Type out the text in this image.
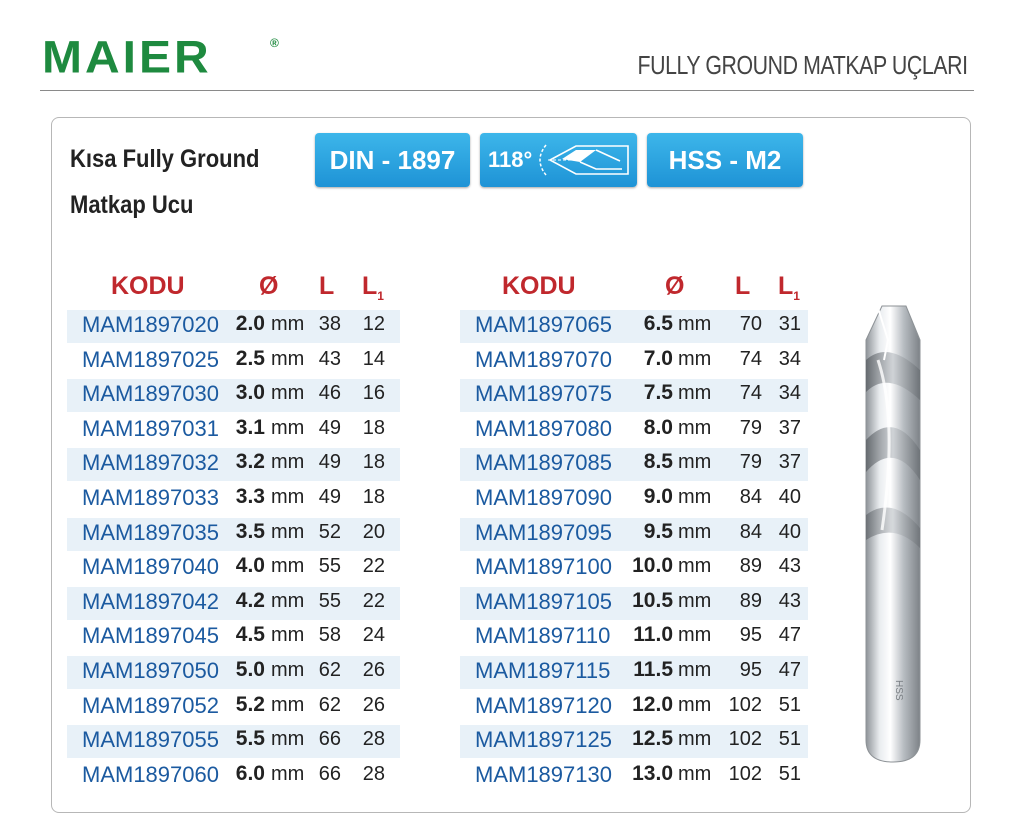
MAIER	®
FULLY GROUND MATKAP UÇLARI
Kısa Fully Ground
Matkap Ucu
DIN - 1897 118°	HSS - M2
KODU	Ø L $L_1$
MAM1897020 2.0 mm 38	12
MAM1897025 2.5 mm 43	14
MAM1897030 3.0 mm 46	16
MAM1897031 3.1 mm 49	18
MAM1897032 3.2 mm 49	18
MAM1897033 3.3 mm 49	18
MAM1897035 3.5 mm 52	20
MAM1897040 4.0 mm 55	22
MAM1897042 4.2 mm 55	22
MAM1897045 4.5 mm 58	24
MAM1897050 5.0 mm 62	26
MAM1897052 5.2 mm 62	26
MAM1897055 5.5 mm 66	28
MAM1897060 6.0 mm 66	28
KODU	Ø L $L_1$
MAM1897065	6.5 mm	70 31
MAM1897070	7.0 mm	74 34
MAM1897075	7.5 mm	74 34
MAM1897080	8.0 mm	79 37
MAM1897085	8.5 mm	79 37
MAM1897090	9.0 mm	84 40
MAM1897095	9.5 mm	84 40
MAM1897100 10.0 mm	89 43
MAM1897105 10.5 mm	89 43
MAM1897110	11.0 mm	95 47
MAM1897115	11.5 mm	95 47
MAM1897120 12.0 mm 102 51
MAM1897125 12.5 mm 102 51
MAM1897130 13.0 mm 102 51
HSS
